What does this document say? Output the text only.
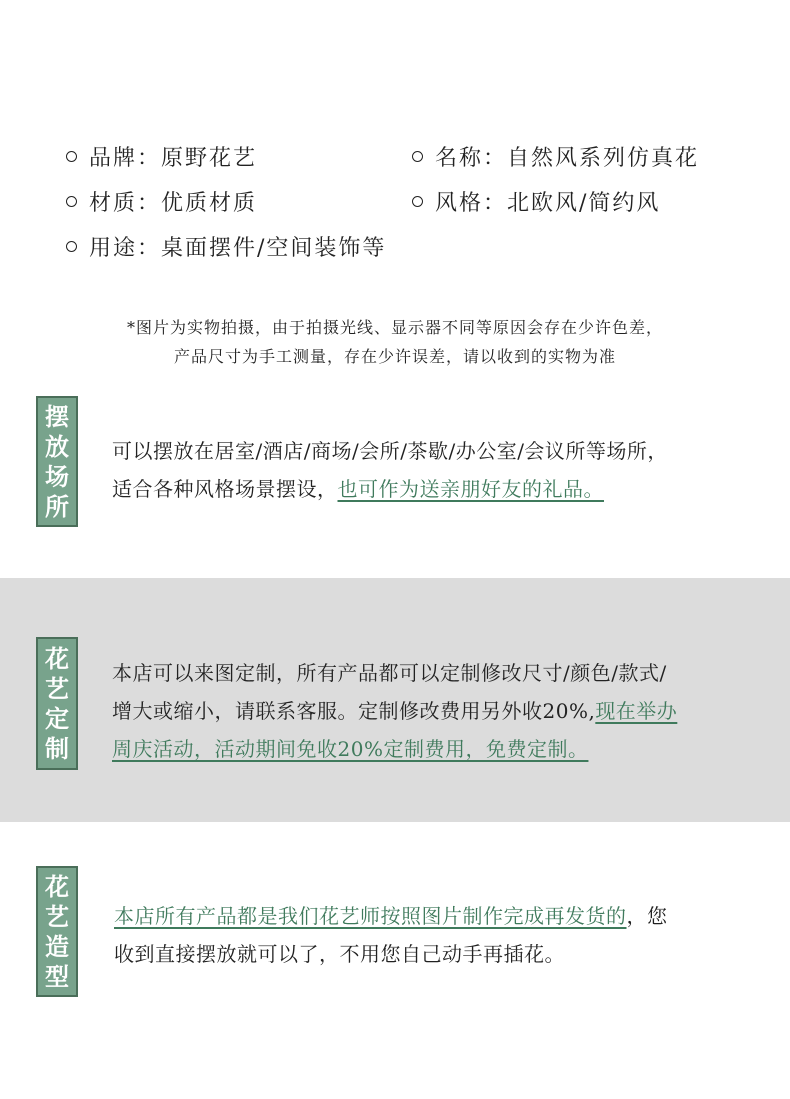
品牌：原野花艺	名称：自然风系列仿真花
材质：优质材质	风格：北欧风/简约风
用途：桌面摆件/空间装饰等
*图片为实物拍摄，由于拍摄光线、显示器不同等原因会存在少许色差，
产品尺寸为手工测量，存在少许误差，请以收到的实物为准
摆
放
场
所
可以摆放在居室/酒店/商场/会所/茶歇/办公室/会议所等场所，
适合各种风格场景摆设，也可作为送亲朋好友的礼品。
花
艺
定
制
本店可以来图定制，所有产品都可以定制修改尺寸/颜色/款式/
增大或缩小，请联系客服。定制修改费用另外收20%,现在举办
周庆活动，活动期间免收20%定制费用，免费定制。
花
艺
造
型
本店所有产品都是我们花艺师按照图片制作完成再发货的，您
收到直接摆放就可以了，不用您自己动手再插花。
